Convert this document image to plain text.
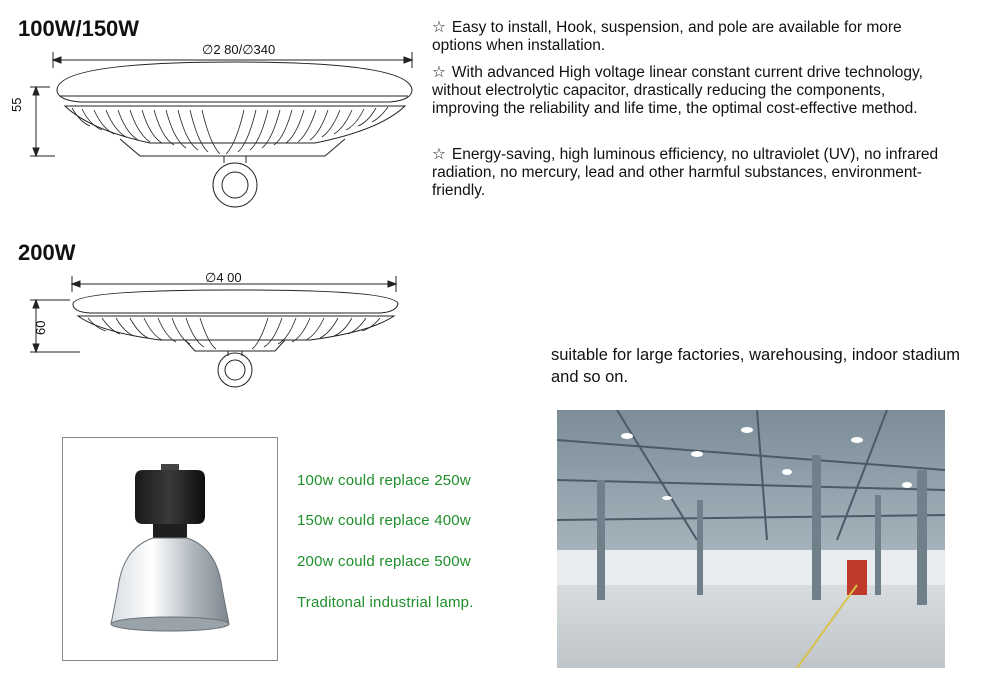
100W/150W
∅2 80/∅340
55
200W
∅4 00
60
☆ Easy to install, Hook, suspension, and pole are available for more options when installation.
☆ With advanced High voltage linear constant current drive technology, without electrolytic capacitor, drastically reducing the components, improving the reliability and life time, the optimal cost-effective method.
☆ Energy-saving, high luminous efficiency, no ultraviolet (UV), no infrared radiation, no mercury, lead and other harmful substances, environment-friendly.
suitable for large factories, warehousing, indoor stadium and so on.
100w could replace 250w
150w could replace 400w
200w could replace 500w
Traditonal industrial lamp.
